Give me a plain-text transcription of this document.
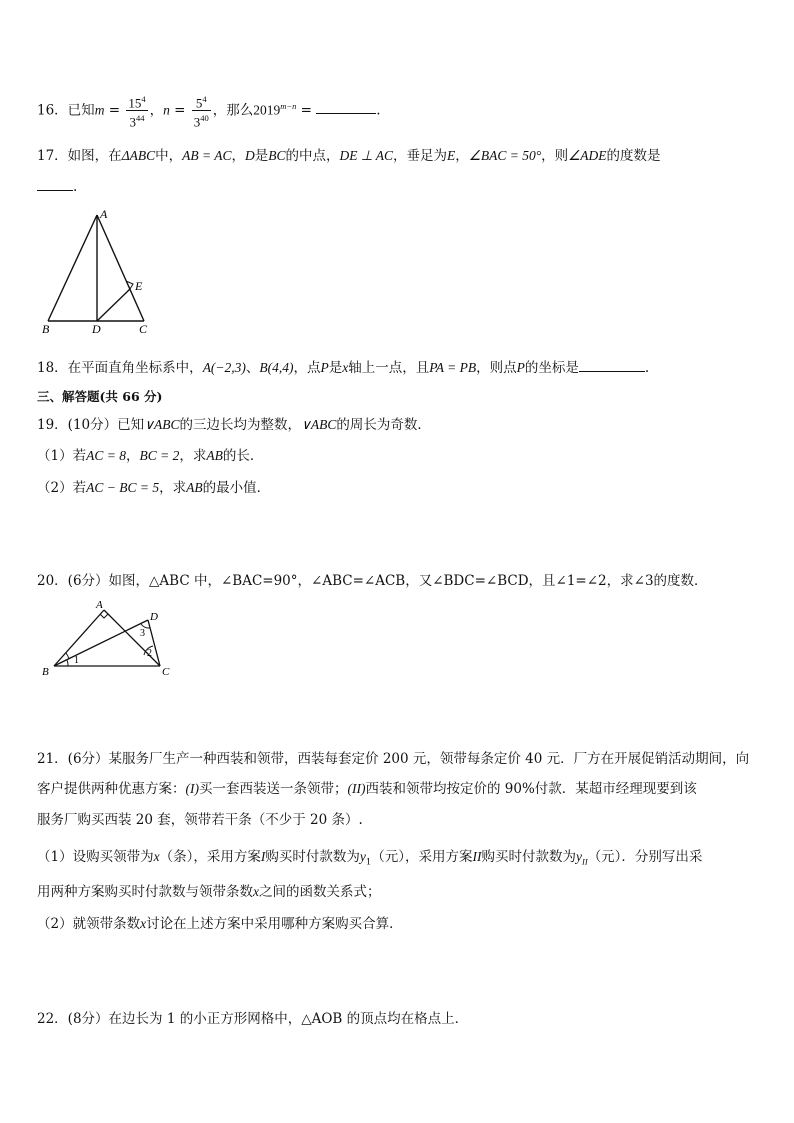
16．已知$m = \frac{15^4}{3^{44}}$ ，$n = \frac{5^4}{3^{40}}$ ，那么$2019^{m-n}$ =	.
17．如图，在ΔABC中，AB = AC，D是BC的中点，DE ⊥ AC，垂足为E，∠BAC = 50°，则∠ADE的度数是
.
A
B	C
D
E
18．在平面直角坐标系中，A(−2,3)、B(4,4)，点P是x轴上一点，且PA = PB，则点P的坐标是	.
三、解答题(共 66 分)
19．(10分）已知∨ABC的三边长均为整数，∨ABC的周长为奇数．
（1）若AC = 8，BC = 2，求AB的长．
（2）若AC − BC = 5，求AB的最小值．
20．(6分）如图，△ABC 中，∠BAC=90°，∠ABC=∠ACB，又∠BDC=∠BCD，且∠1=∠2，求∠3的度数．
A
B	C
D
1
2
3
21．(6分）某服务厂生产一种西装和领带，西装每套定价 200 元，领带每条定价 40 元．厂方在开展促销活动期间，向
客户提供两种优惠方案：(I)买一套西装送一条领带；(II)西装和领带均按定价的 90%付款．某超市经理现要到该
服务厂购买西装 20 套，领带若干条（不少于 20 条）.
（1）设购买领带为x（条），采用方案I购买时付款数为$y_1$（元），采用方案II购买时付款数为$y_{II}$（元）．分别写出采
用两种方案购买时付款数与领带条数x之间的函数关系式；
（2）就领带条数x讨论在上述方案中采用哪种方案购买合算．
22．(8分）在边长为 1 的小正方形网格中，△AOB 的顶点均在格点上．
